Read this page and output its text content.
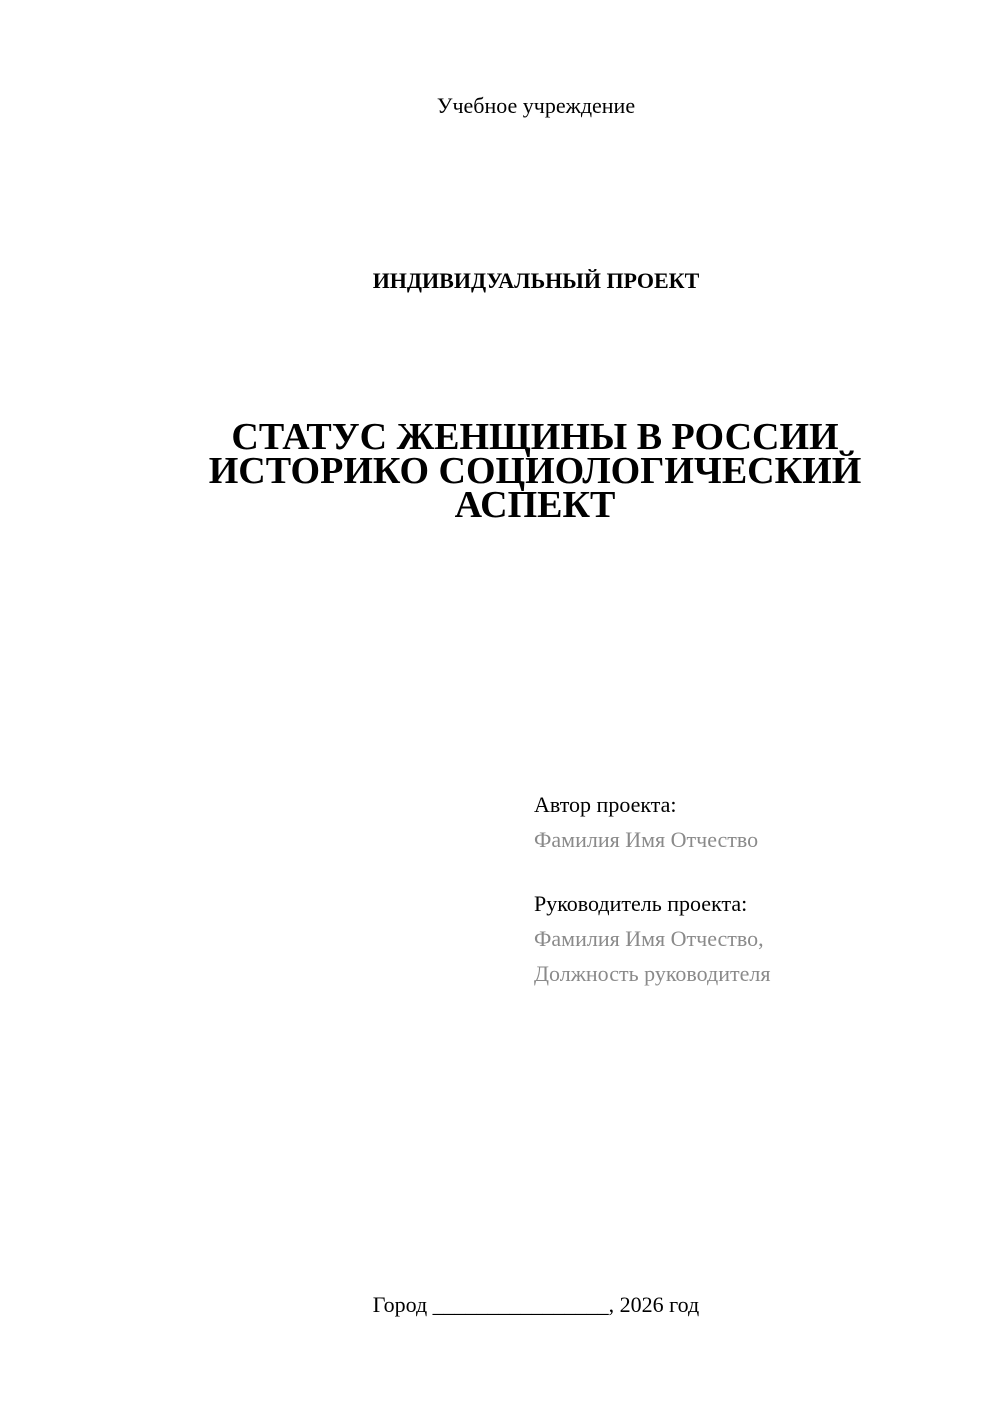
Учебное учреждение
ИНДИВИДУАЛЬНЫЙ ПРОЕКТ
СТАТУС ЖЕНЩИНЫ В РОССИИ
ИСТОРИКО СОЦИОЛОГИЧЕСКИЙ
АСПЕКТ
Автор проекта:
Фамилия Имя Отчество
Руководитель проекта:
Фамилия Имя Отчество,
Должность руководителя
Город ________________, 2026 год
